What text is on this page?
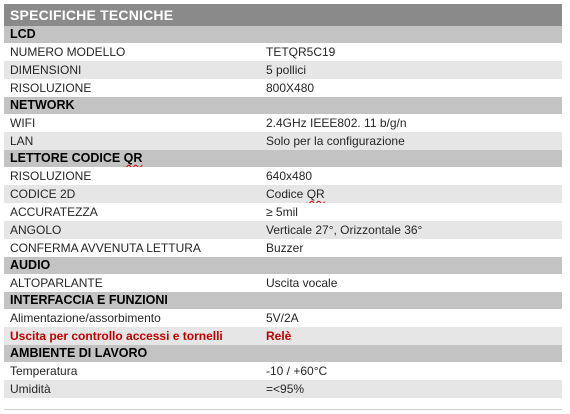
SPECIFICHE TECNICHE
LCD
NUMERO MODELLO	TETQR5C19
DIMENSIONI	5 pollici
RISOLUZIONE	800X480
NETWORK
WIFI	2.4GHz IEEE802. 11 b/g/n
LAN	Solo per la configurazione
LETTORE CODICE QR
RISOLUZIONE	640x480
CODICE 2D	Codice QR
ACCURATEZZA	≥ 5mil
ANGOLO	Verticale 27°, Orizzontale 36°
CONFERMA AVVENUTA LETTURA	Buzzer
AUDIO
ALTOPARLANTE	Uscita vocale
INTERFACCIA E FUNZIONI
Alimentazione/assorbimento	5V/2A
Uscita per controllo accessi e tornelli	Relè
AMBIENTE DI LAVORO
Temperatura	-10 / +60°C
Umidità	=<95%
